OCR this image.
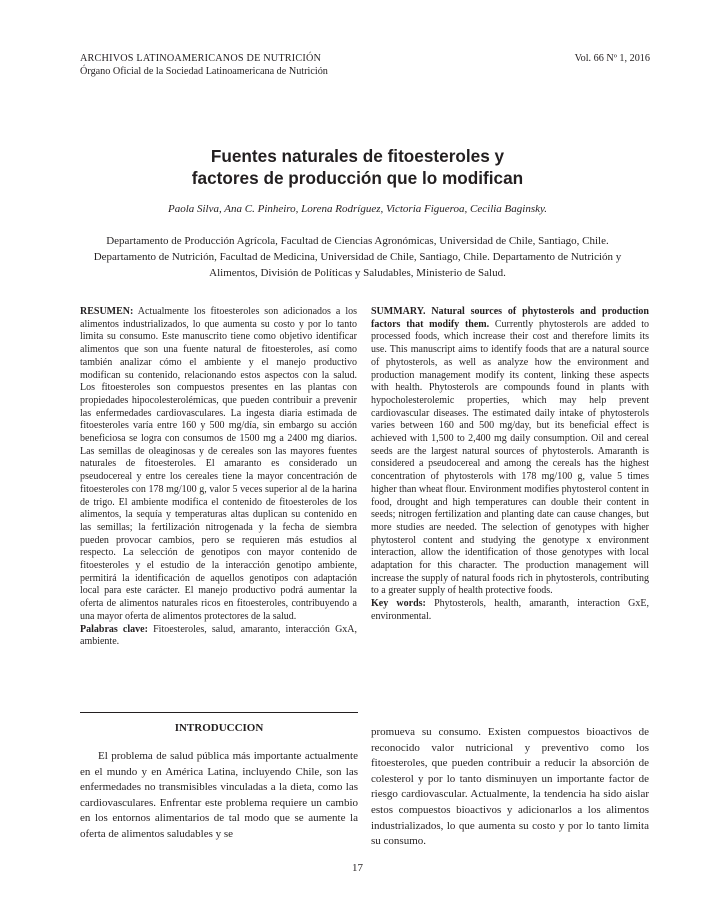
ARCHIVOS LATINOAMERICANOS DE NUTRICIÓN
Órgano Oficial de la Sociedad Latinoamericana de Nutrición
Vol. 66 Nº 1, 2016
Fuentes naturales de fitoesteroles y
factores de producción que lo modifican
Paola Silva, Ana C. Pinheiro, Lorena Rodríguez, Victoria Figueroa, Cecilia Baginsky.
Departamento de Producción Agrícola, Facultad de Ciencias Agronómicas, Universidad de Chile, Santiago, Chile. Departamento de Nutrición, Facultad de Medicina, Universidad de Chile, Santiago, Chile. Departamento de Nutrición y Alimentos, División de Políticas y Saludables, Ministerio de Salud.

RESUMEN: Actualmente los fitoesteroles son adicionados a los alimentos industrializados, lo que aumenta su costo y por lo tanto limita su consumo. Este manuscrito tiene como objetivo identificar alimentos que son una fuente natural de fitoesteroles, así como también analizar cómo el ambiente y el manejo productivo modifican su contenido, relacionando estos aspectos con la salud. Los fitoesteroles son compuestos presentes en las plantas con propiedades hipocolesterolémicas, que pueden contribuir a prevenir las enfermedades cardiovasculares. La ingesta diaria estimada de fitoesteroles varía entre 160 y 500 mg/día, sin embargo su acción beneficiosa se logra con consumos de 1500 mg a 2400 mg diarios. Las semillas de oleaginosas y de cereales son las mayores fuentes naturales de fitoesteroles. El amaranto es considerado un pseudocereal y entre los cereales tiene la mayor concentración de fitoesteroles con 178 mg/100 g, valor 5 veces superior al de la harina de trigo. El ambiente modifica el contenido de fitoesteroles de los alimentos, la sequía y temperaturas altas duplican su contenido en las semillas; la fertilización nitrogenada y la fecha de siembra pueden provocar cambios, pero se requieren más estudios al respecto. La selección de genotipos con mayor contenido de fitoesteroles y el estudio de la interacción genotipo ambiente, permitirá la identificación de aquellos genotipos con adaptación local para este carácter. El manejo productivo podrá aumentar la oferta de alimentos naturales ricos en fitoesteroles, contribuyendo a una mayor oferta de alimentos protectores de la salud.

Palabras clave: Fitoesteroles, salud, amaranto, interacción GxA, ambiente.

SUMMARY. Natural sources of phytosterols and production factors that modify them. Currently phytosterols are added to processed foods, which increase their cost and therefore limits its use. This manuscript aims to identify foods that are a natural source of phytosterols, as well as analyze how the environment and production management modify its content, linking these aspects with health. Phytosterols are compounds found in plants with hypocholesterolemic properties, which may help prevent cardiovascular diseases. The estimated daily intake of phytosterols varies between 160 and 500 mg/day, but its beneficial effect is achieved with 1,500 to 2,400 mg daily consumption. Oil and cereal seeds are the largest natural sources of phytosterols. Amaranth is considered a pseudocereal and among the cereals has the highest concentration of phytosterols with 178 mg/100 g, value 5 times higher than wheat flour. Environment modifies phytosterol content in food, drought and high temperatures can double their content in seeds; nitrogen fertilization and planting date can cause changes, but more studies are needed. The selection of genotypes with higher phytosterol content and studying the genotype x environment interaction, allow the identification of those genotypes with local adaptation for this character. The production management will increase the supply of natural foods rich in phytosterols, contributing to a greater supply of health protective foods.

Key words: Phytosterols, health, amaranth, interaction GxE, environmental.

INTRODUCCION
El problema de salud pública más importante actualmente en el mundo y en América Latina, incluyendo Chile, son las enfermedades no transmisibles vinculadas a la dieta, como las cardiovasculares. Enfrentar este problema requiere un cambio en los entornos alimentarios de tal modo que se aumente la oferta de alimentos saludables y se
promueva su consumo. Existen compuestos bioactivos de reconocido valor nutricional y preventivo como los fitoesteroles, que pueden contribuir a reducir la absorción de colesterol y por lo tanto disminuyen un importante factor de riesgo cardiovascular. Actualmente, la tendencia ha sido aislar estos compuestos bioactivos y adicionarlos a los alimentos industrializados, lo que aumenta su costo y por lo tanto limita su consumo.
17
